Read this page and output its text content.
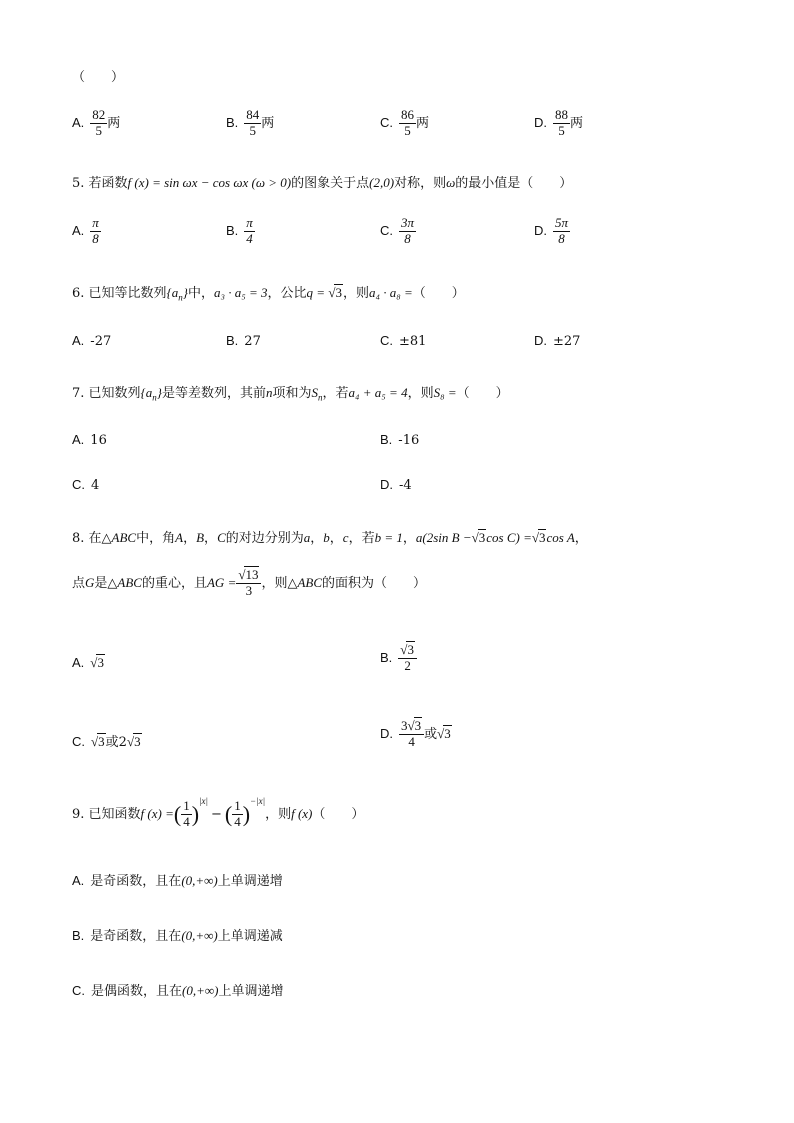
（　　）
A. $\frac{82}{5}$ 两	B. $\frac{84}{5}$ 两	C. $\frac{86}{5}$ 两	D. $\frac{88}{5}$ 两
5. 若函数f (x) = sin ωx − cos ωx (ω > 0)的图象关于点(2,0)对称，则ω的最小值是（　　）
A. $\frac{\pi}{8}$	B. $\frac{\pi}{4}$	C. $\frac{3\pi}{8}$	D. $\frac{5\pi}{8}$
6. 已知等比数列$\{a_n\}$中，a₃ · a₅ = 3，公比q = √3，则a₄ · a₈ =（　　）
A. -27	B. 27	C. ±81	D. ±27
7. 已知数列$\{a_n\}$是等差数列，其前n项和为$S_n$，若a₄ + a₅ = 4，则S₈ =（　　）
A. 16	B. -16
C. 4	D. -4
8. 在△ABC中，角A，B，C的对边分别为a，b，c，若b = 1，a(2sin B −√3cos C) =√3cos A，
点G是△ABC的重心，且AG = $\frac{√13}{3}$ ，则△ABC的面积为（　　）
A. √3	B. $\frac{√3}{2}$
C. √3或2√3
D. $\frac{3√3}{4}$ 或√3
9. 已知函数f (x) =( $\frac{1}{4} )^{|x|}-$ ( $\frac{1}{4} )^{-|x|}$，则f (x)（　　）
A. 是奇函数，且在(0,+∞)上单调递增
B. 是奇函数，且在(0,+∞)上单调递减
C. 是偶函数，且在(0,+∞)上单调递增
